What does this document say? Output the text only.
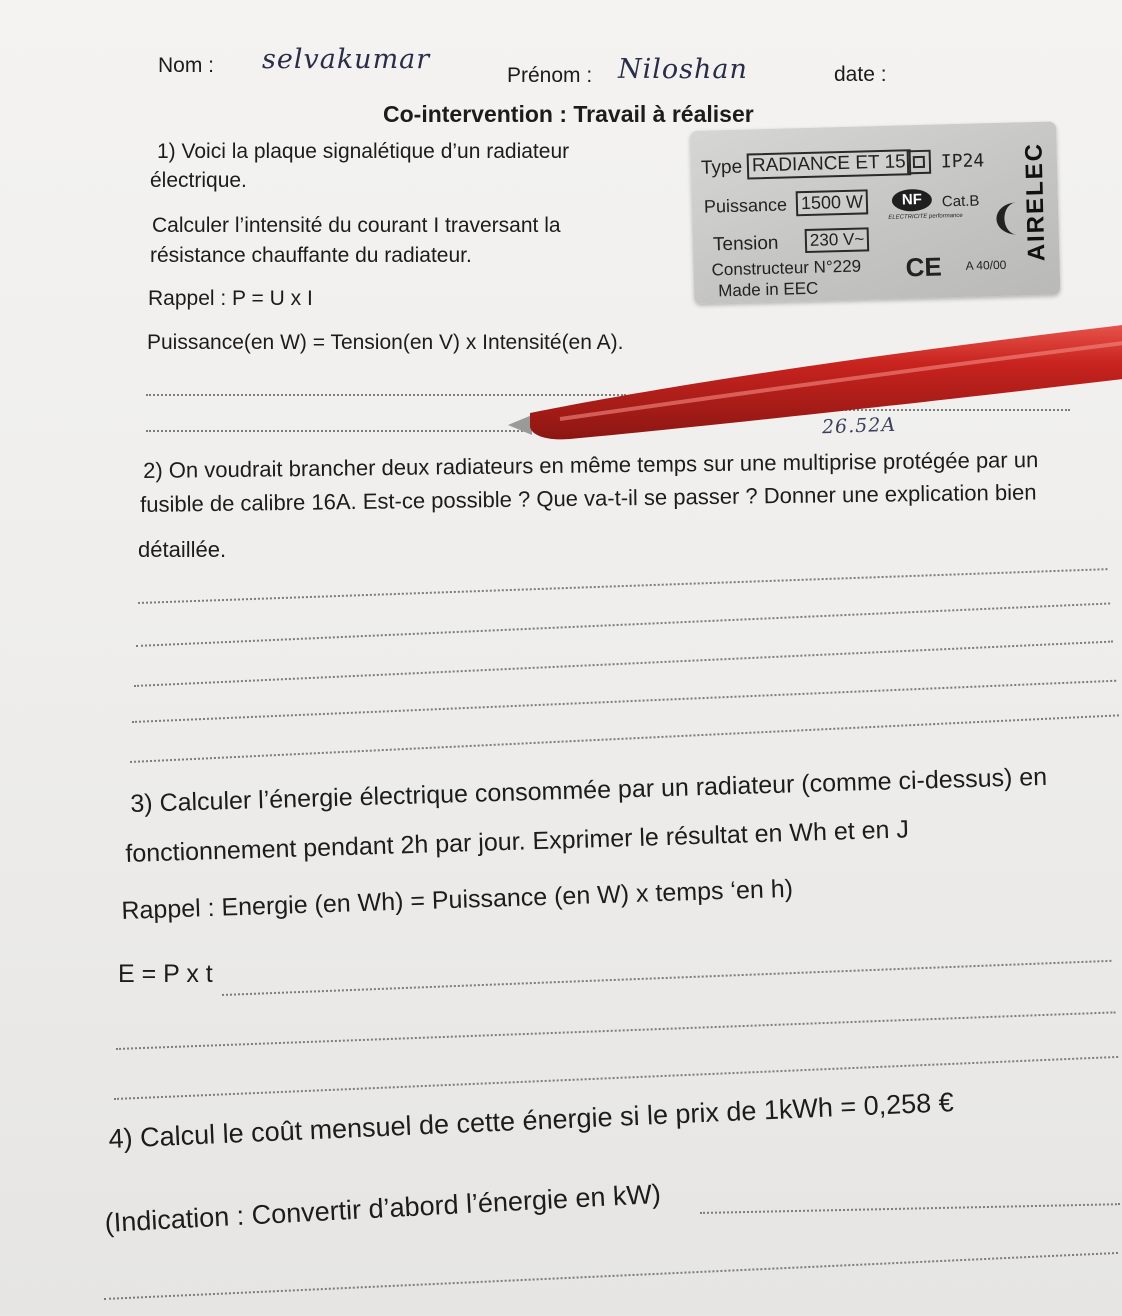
Nom : selvakumar
Prénom : Niloshan	date :
Co-intervention : Travail à réaliser
1) Voici la plaque signalétique d’un radiateur
électrique.
Calculer l’intensité du courant I traversant la
résistance chauffante du radiateur.
Rappel : P = U x I
Puissance(en W) = Tension(en V) x Intensité(en A).
26.52A
Type RADIANCE ET 15 IP24
Puissance 1500 W	NF
ELECTRICITE performance
Cat.B
Tension 230 V~
Constructeur N°229 CE A 40/00
Made in EEC
AIRELEC
2) On voudrait brancher deux radiateurs en même temps sur une multiprise protégée par un
fusible de calibre 16A. Est-ce possible ? Que va-t-il se passer ? Donner une explication bien
détaillée.
3) Calculer l’énergie électrique consommée par un radiateur (comme ci-dessus) en
fonctionnement pendant 2h par jour. Exprimer le résultat en Wh et en J
Rappel : Energie (en Wh) = Puissance (en W) x temps ‘en h)
E = P x t
4) Calcul le coût mensuel de cette énergie si le prix de 1kWh = 0,258 €
(Indication : Convertir d’abord l’énergie en kW)
